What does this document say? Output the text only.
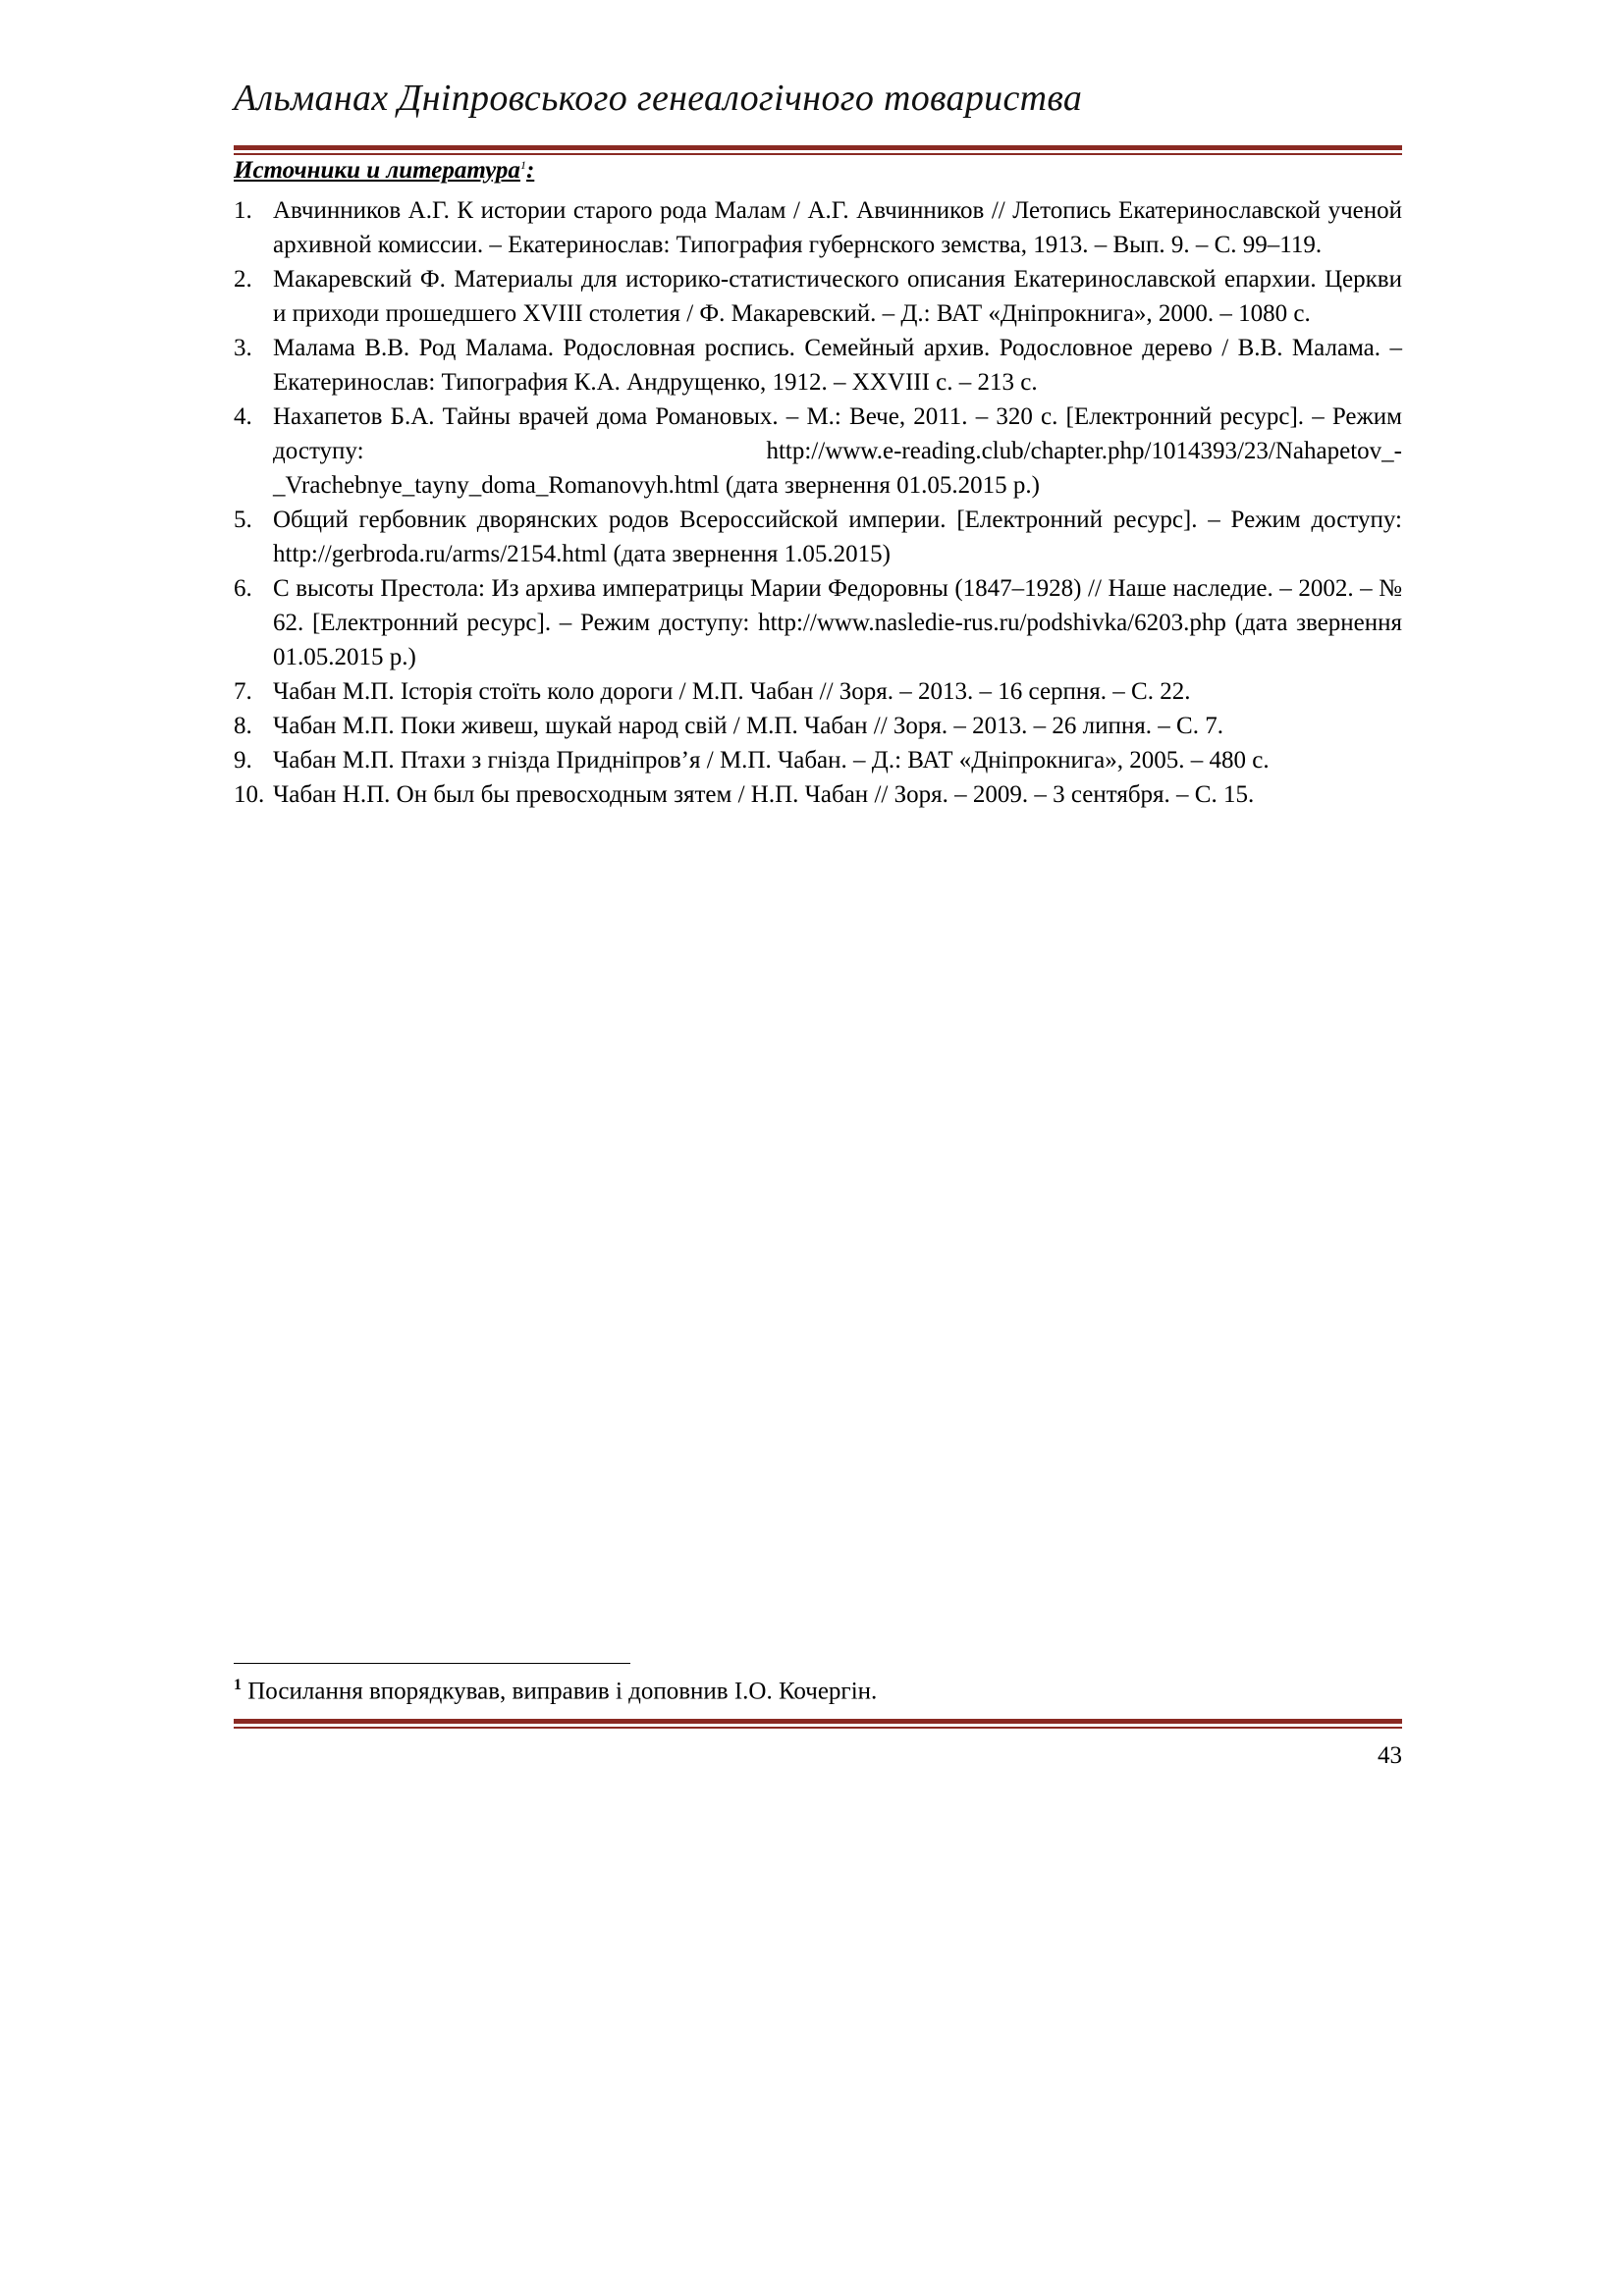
Альманах Дніпровського генеалогічного товариства
Источники и литература$^1$:
1. Авчинников А.Г. К истории старого рода Малам / А.Г. Авчинников // Летопись Екатеринославской ученой архивной комиссии. – Екатеринослав: Типография губернского земства, 1913. – Вып. 9. – С. 99–119.
2. Макаревский Ф. Материалы для историко-статистического описания Екатеринославской епархии. Церкви и приходи прошедшего XVIII столетия / Ф. Макаревский. – Д.: ВАТ «Дніпрокнига», 2000. – 1080 с.
3. Малама В.В. Род Малама. Родословная роспись. Семейный архив. Родословное дерево / В.В. Малама. – Екатеринослав: Типография К.А. Андрущенко, 1912. – XXVIII с. – 213 с.
4. Нахапетов Б.А. Тайны врачей дома Романовых. – М.: Вече, 2011. – 320 с. [Електронний ресурс]. – Режим доступу: http://www.e-reading.club/chapter.php/1014393/23/Nahapetov_-_Vrachebnye_tayny_doma_Romanovyh.html (дата звернення 01.05.2015 р.)
5. Общий гербовник дворянских родов Всероссийской империи. [Електронний ресурс]. – Режим доступу: http://gerbroda.ru/arms/2154.html (дата звернення 1.05.2015)
6. С высоты Престола: Из архива императрицы Марии Федоровны (1847–1928) // Наше наследие. – 2002. – № 62. [Електронний ресурс]. – Режим доступу: http://www.nasledie-rus.ru/podshivka/6203.php (дата звернення 01.05.2015 р.)
7. Чабан М.П. Історія стоїть коло дороги / М.П. Чабан // Зоря. – 2013. – 16 серпня. – С. 22.
8. Чабан М.П. Поки живеш, шукай народ свій / М.П. Чабан // Зоря. – 2013. – 26 липня. – С. 7.
9. Чабан М.П. Птахи з гнізда Придніпров’я / М.П. Чабан. – Д.: ВАТ «Дніпрокнига», 2005. – 480 с.
10. Чабан Н.П. Он был бы превосходным зятем / Н.П. Чабан // Зоря. – 2009. – 3 сентября. – С. 15.
$^1$ Посилання впорядкував, виправив і доповнив І.О. Кочергін.
43
